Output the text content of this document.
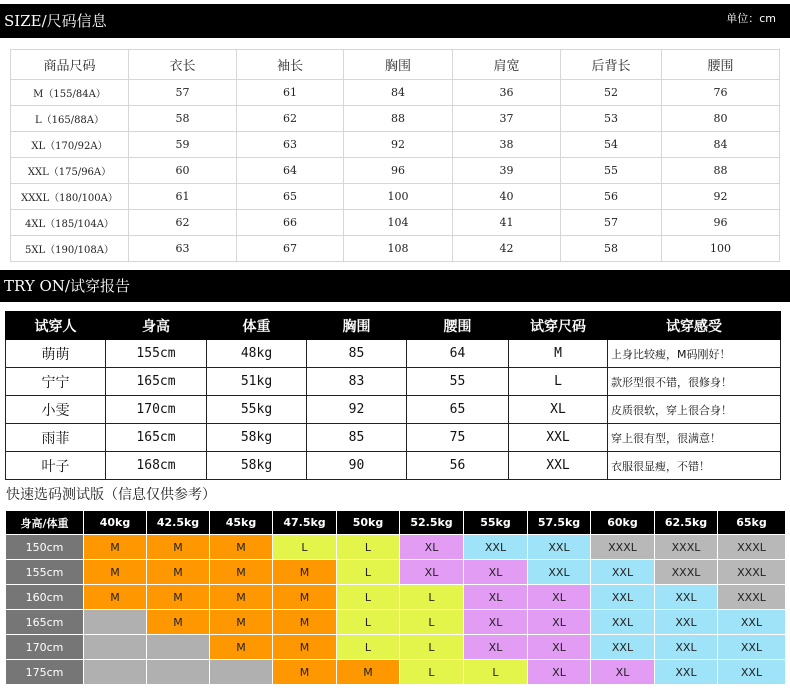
SIZE/尺码信息	单位：cm
商品尺码	衣长	袖长	胸围	肩宽	后背长	腰围
M（155/84A）	57	61	84	36	52	76
L（165/88A）	58	62	88	37	53	80
XL（170/92A）	59	63	92	38	54	84
XXL（175/96A）	60	64	96	39	55	88
XXXL（180/100A）	61	65	100	40	56	92
4XL（185/104A）	62	66	104	41	57	96
5XL（190/108A）	63	67	108	42	58	100
TRY ON/试穿报告
试穿人	身高	体重	胸围	腰围	试穿尺码	试穿感受
萌萌	155cm	48kg	85	64	M	上身比较瘦，M码刚好！
宁宁	165cm	51kg	83	55	L	款形型很不错，很修身！
小雯	170cm	55kg	92	65	XL	皮质很软，穿上很合身！
雨菲	165cm	58kg	85	75	XXL	穿上很有型，很满意！
叶子	168cm	58kg	90	56	XXL	衣服很显瘦，不错！
快速选码测试版（信息仅供参考）
身高/体重	40kg	42.5kg	45kg	47.5kg	50kg	52.5kg	55kg	57.5kg	60kg	62.5kg	65kg
150cm	M	M	M	L	L	XL	XXL	XXL	XXXL	XXXL	XXXL
155cm	M	M	M	M	L	XL	XL	XXL	XXL	XXXL	XXXL
160cm	M	M	M	M	L	L	XL	XL	XXL	XXL	XXXL
165cm		M	M	M	L	L	XL	XL	XXL	XXL	XXL
170cm			M	M	L	L	XL	XL	XXL	XXL	XXL
175cm				M	M	L	L	XL	XL	XXL	XXL
